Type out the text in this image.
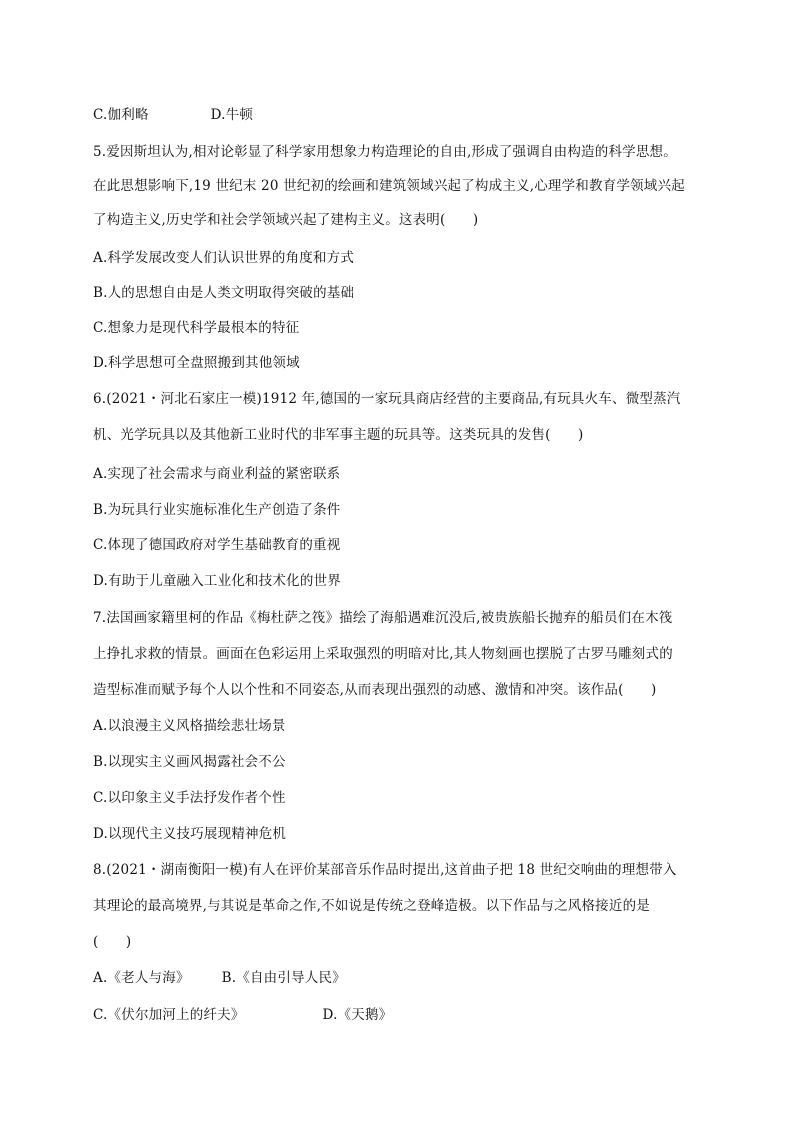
C.伽利略	D.牛顿
5.爱因斯坦认为,相对论彰显了科学家用想象力构造理论的自由,形成了强调自由构造的科学思想。
在此思想影响下,19 世纪末 20 世纪初的绘画和建筑领域兴起了构成主义,心理学和教育学领域兴起
了构造主义,历史学和社会学领域兴起了建构主义。这表明(　　)
A.科学发展改变人们认识世界的角度和方式
B.人的思想自由是人类文明取得突破的基础
C.想象力是现代科学最根本的特征
D.科学思想可全盘照搬到其他领域
6.(2021・河北石家庄一模)1912 年,德国的一家玩具商店经营的主要商品,有玩具火车、微型蒸汽
机、光学玩具以及其他新工业时代的非军事主题的玩具等。这类玩具的发售(　　)
A.实现了社会需求与商业利益的紧密联系
B.为玩具行业实施标准化生产创造了条件
C.体现了德国政府对学生基础教育的重视
D.有助于儿童融入工业化和技术化的世界
7.法国画家籍里柯的作品《梅杜萨之筏》描绘了海船遇难沉没后,被贵族船长抛弃的船员们在木筏
上挣扎求救的情景。画面在色彩运用上采取强烈的明暗对比,其人物刻画也摆脱了古罗马雕刻式的
造型标准而赋予每个人以个性和不同姿态,从而表现出强烈的动感、激情和冲突。该作品(　　)
A.以浪漫主义风格描绘悲壮场景
B.以现实主义画风揭露社会不公
C.以印象主义手法抒发作者个性
D.以现代主义技巧展现精神危机
8.(2021・湖南衡阳一模)有人在评价某部音乐作品时提出,这首曲子把 18 世纪交响曲的理想带入
其理论的最高境界,与其说是革命之作,不如说是传统之登峰造极。以下作品与之风格接近的是
(　　)
A.《老人与海》 B.《自由引导人民》
C.《伏尔加河上的纤夫》	D.《天鹅》
